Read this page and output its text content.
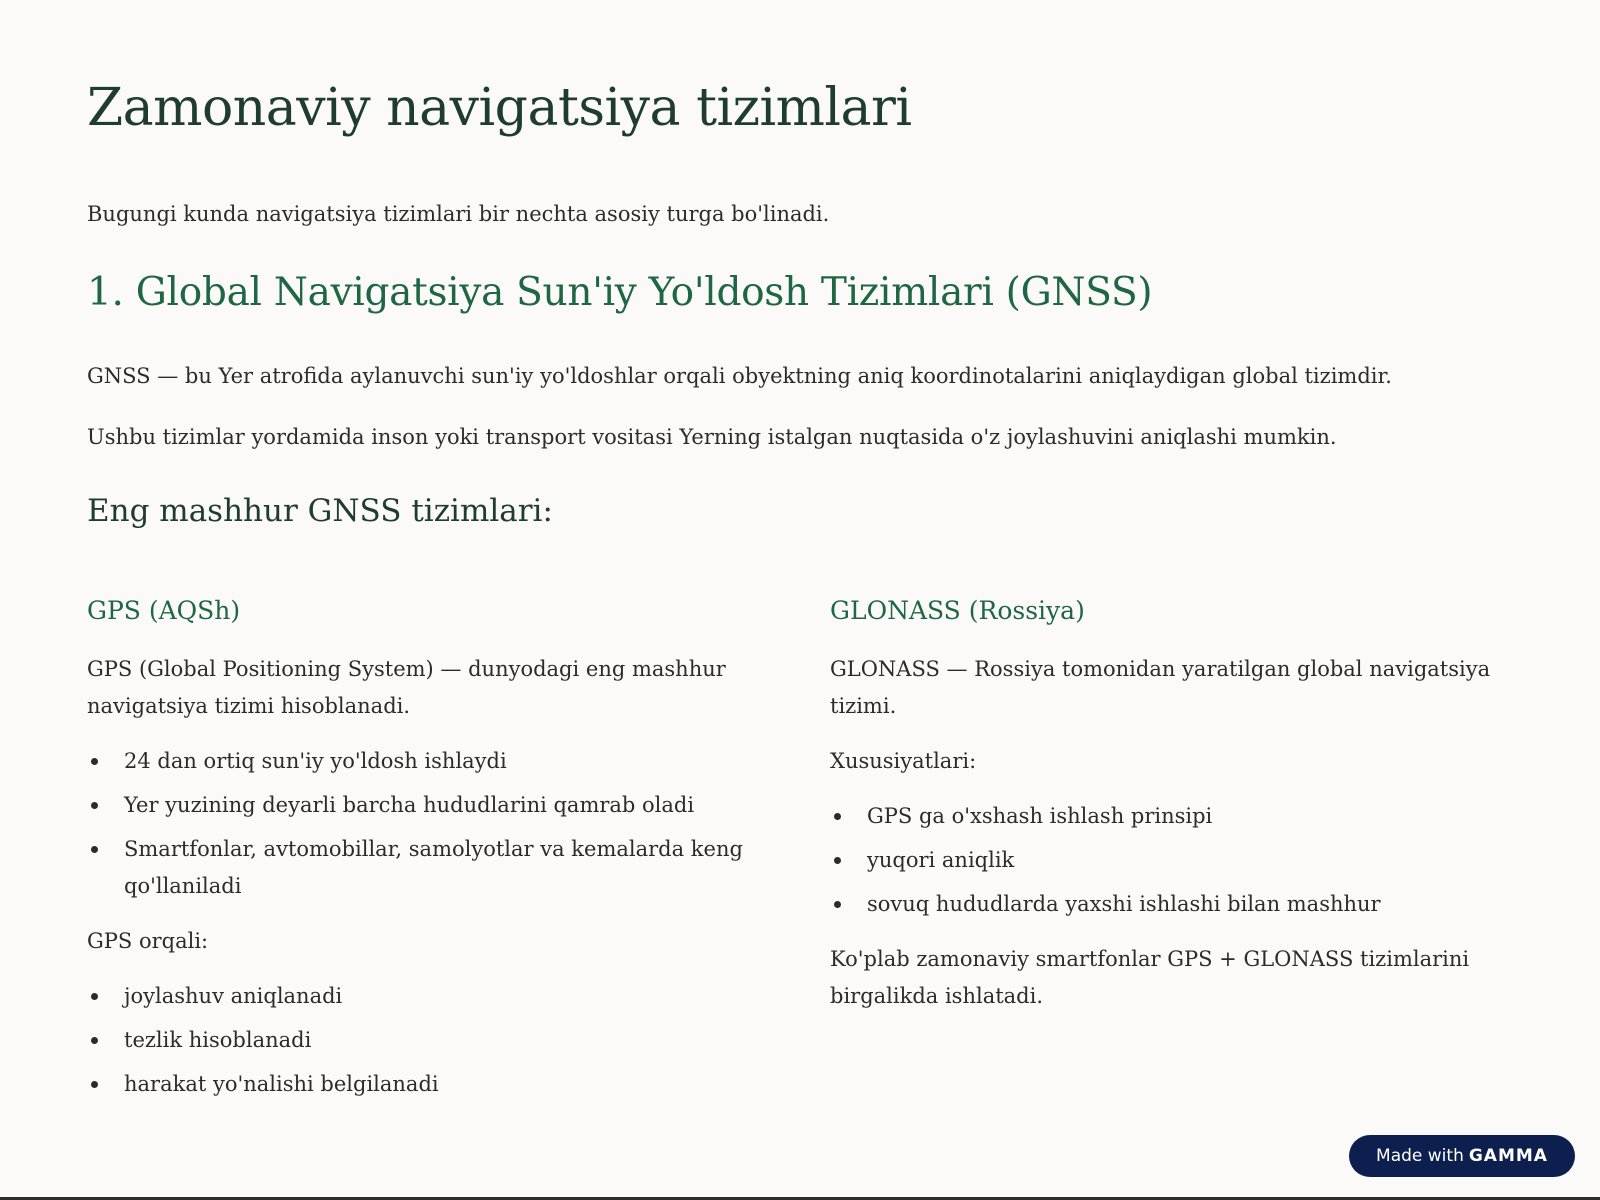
Zamonaviy navigatsiya tizimlari

Bugungi kunda navigatsiya tizimlari bir nechta asosiy turga bo'linadi.

1. Global Navigatsiya Sun'iy Yo'ldosh Tizimlari (GNSS)

GNSS — bu Yer atrofida aylanuvchi sun'iy yo'ldoshlar orqali obyektning aniq koordinotalarini aniqlaydigan global tizimdir.

Ushbu tizimlar yordamida inson yoki transport vositasi Yerning istalgan nuqtasida o'z joylashuvini aniqlashi mumkin.

Eng mashhur GNSS tizimlari:
GPS (AQSh)

GPS (Global Positioning System) — dunyodagi eng mashhur navigatsiya tizimi hisoblanadi.

24 dan ortiq sun'iy yo'ldosh ishlaydi
Yer yuzining deyarli barcha hududlarini qamrab oladi
Smartfonlar, avtomobillar, samolyotlar va kemalarda keng qo'llaniladi

GPS orqali:

joylashuv aniqlanadi
tezlik hisoblanadi
harakat yo'nalishi belgilanadi
GLONASS (Rossiya)

GLONASS — Rossiya tomonidan yaratilgan global navigatsiya tizimi.

Xususiyatlari:

GPS ga o'xshash ishlash prinsipi
yuqori aniqlik
sovuq hududlarda yaxshi ishlashi bilan mashhur

Ko'plab zamonaviy smartfonlar GPS + GLONASS tizimlarini birgalikda ishlatadi.

Made with GAMMA
